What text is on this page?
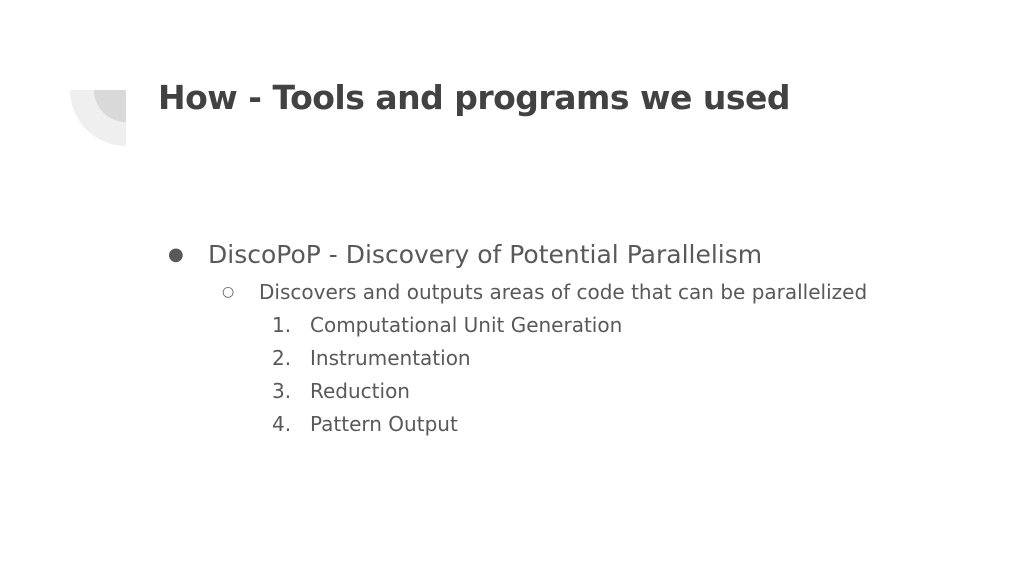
How - Tools and programs we used
● DiscoPoP - Discovery of Potential Parallelism
○	Discovers and outputs areas of code that can be parallelized
1. Computational Unit Generation
2. Instrumentation
3. Reduction
4. Pattern Output
